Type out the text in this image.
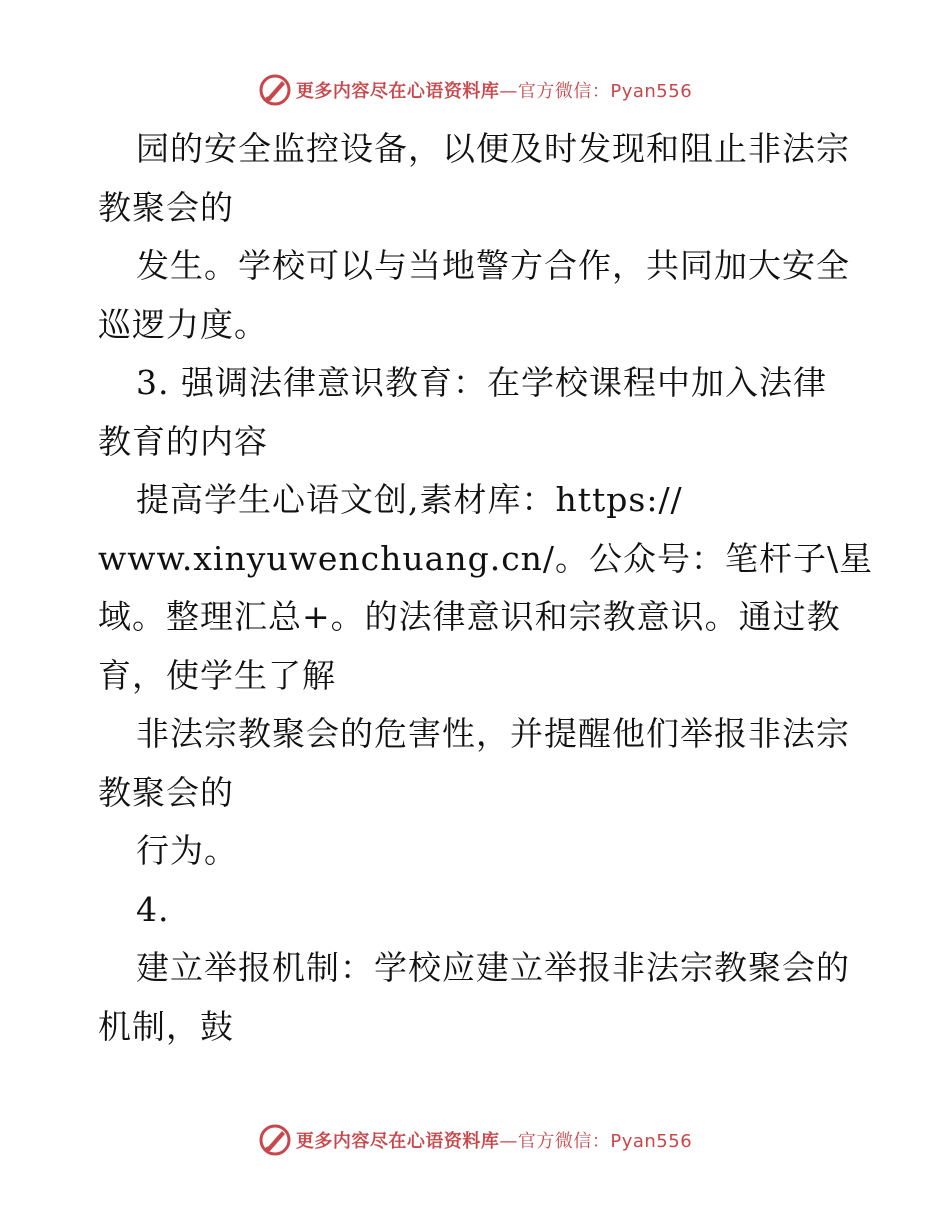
更多内容尽在心语资料库—官方微信：Pyan556
园的安全监控设备，以便及时发现和阻止非法宗
教聚会的
发生。学校可以与当地警方合作，共同加大安全
巡逻力度。
3. 强调法律意识教育：在学校课程中加入法律
教育的内容
提高学生心语文创,素材库：https://
www.xinyuwenchuang.cn/。公众号：笔杆子\星
域。整理汇总+。的法律意识和宗教意识。通过教
育，使学生了解
非法宗教聚会的危害性，并提醒他们举报非法宗
教聚会的
行为。
4.
建立举报机制：学校应建立举报非法宗教聚会的
机制，鼓
更多内容尽在心语资料库—官方微信：Pyan556
